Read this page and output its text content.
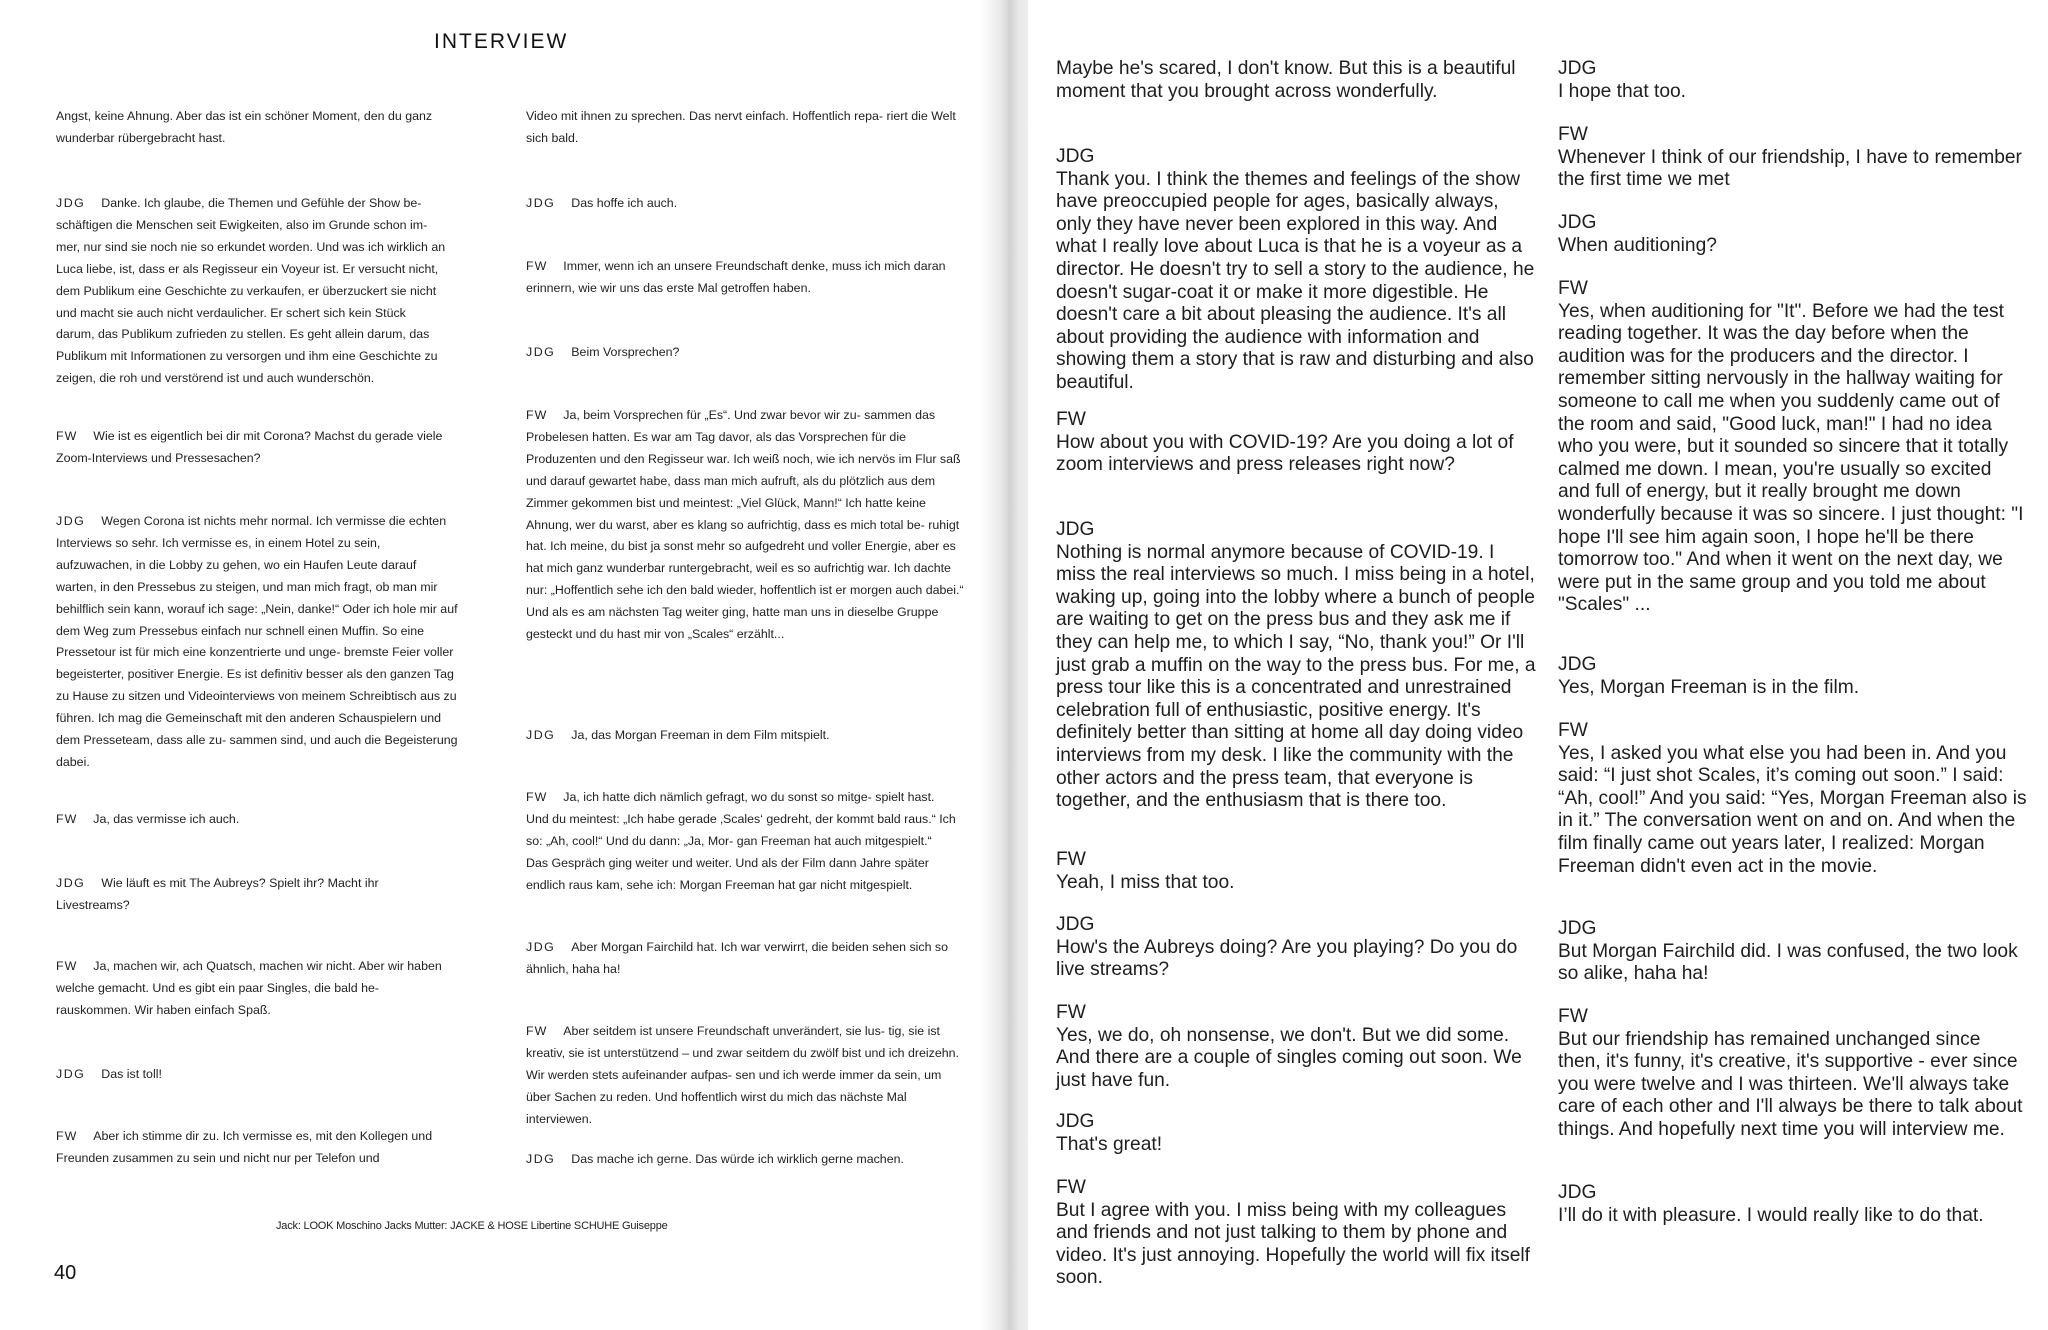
INTERVIEW
Angst, keine Ahnung. Aber das ist ein schöner Moment, den du ganz wunderbar rübergebracht hast.
JDG Danke. Ich glaube, die Themen und Gefühle der Show be- schäftigen die Menschen seit Ewigkeiten, also im Grunde schon im- mer, nur sind sie noch nie so erkundet worden. Und was ich wirklich an Luca liebe, ist, dass er als Regisseur ein Voyeur ist. Er versucht nicht, dem Publikum eine Geschichte zu verkaufen, er überzuckert sie nicht und macht sie auch nicht verdaulicher. Er schert sich kein Stück darum, das Publikum zufrieden zu stellen. Es geht allein darum, das Publikum mit Informationen zu versorgen und ihm eine Geschichte zu zeigen, die roh und verstörend ist und auch wunderschön.
FW Wie ist es eigentlich bei dir mit Corona? Machst du gerade viele Zoom-Interviews und Pressesachen?
JDG Wegen Corona ist nichts mehr normal. Ich vermisse die echten Interviews so sehr. Ich vermisse es, in einem Hotel zu sein, aufzuwachen, in die Lobby zu gehen, wo ein Haufen Leute darauf warten, in den Pressebus zu steigen, und man mich fragt, ob man mir behilflich sein kann, worauf ich sage: „Nein, danke!“ Oder ich hole mir auf dem Weg zum Pressebus einfach nur schnell einen Muffin. So eine Pressetour ist für mich eine konzentrierte und unge- bremste Feier voller begeisterter, positiver Energie. Es ist definitiv besser als den ganzen Tag zu Hause zu sitzen und Videointerviews von meinem Schreibtisch aus zu führen. Ich mag die Gemeinschaft mit den anderen Schauspielern und dem Presseteam, dass alle zu- sammen sind, und auch die Begeisterung dabei.
FW Ja, das vermisse ich auch.
JDG Wie läuft es mit The Aubreys? Spielt ihr? Macht ihr Livestreams?
FW Ja, machen wir, ach Quatsch, machen wir nicht. Aber wir haben welche gemacht. Und es gibt ein paar Singles, die bald he- rauskommen. Wir haben einfach Spaß.
JDG Das ist toll!
FW Aber ich stimme dir zu. Ich vermisse es, mit den Kollegen und Freunden zusammen zu sein und nicht nur per Telefon und
Video mit ihnen zu sprechen. Das nervt einfach. Hoffentlich repa- riert die Welt sich bald.
JDG Das hoffe ich auch.
FW Immer, wenn ich an unsere Freundschaft denke, muss ich mich daran erinnern, wie wir uns das erste Mal getroffen haben.
JDG Beim Vorsprechen?
FW Ja, beim Vorsprechen für „Es“. Und zwar bevor wir zu- sammen das Probelesen hatten. Es war am Tag davor, als das Vorsprechen für die Produzenten und den Regisseur war. Ich weiß noch, wie ich nervös im Flur saß und darauf gewartet habe, dass man mich aufruft, als du plötzlich aus dem Zimmer gekommen bist und meintest: „Viel Glück, Mann!“ Ich hatte keine Ahnung, wer du warst, aber es klang so aufrichtig, dass es mich total be- ruhigt hat. Ich meine, du bist ja sonst mehr so aufgedreht und voller Energie, aber es hat mich ganz wunderbar runtergebracht, weil es so aufrichtig war. Ich dachte nur: „Hoffentlich sehe ich den bald wieder, hoffentlich ist er morgen auch dabei.“ Und als es am nächsten Tag weiter ging, hatte man uns in dieselbe Gruppe gesteckt und du hast mir von „Scales“ erzählt...
JDG Ja, das Morgan Freeman in dem Film mitspielt.
FW Ja, ich hatte dich nämlich gefragt, wo du sonst so mitge- spielt hast. Und du meintest: „Ich habe gerade ‚Scales‘ gedreht, der kommt bald raus.“ Ich so: „Ah, cool!“ Und du dann: „Ja, Mor- gan Freeman hat auch mitgespielt.“ Das Gespräch ging weiter und weiter. Und als der Film dann Jahre später endlich raus kam, sehe ich: Morgan Freeman hat gar nicht mitgespielt.
JDG Aber Morgan Fairchild hat. Ich war verwirrt, die beiden sehen sich so ähnlich, haha ha!
FW Aber seitdem ist unsere Freundschaft unverändert, sie lus- tig, sie ist kreativ, sie ist unterstützend – und zwar seitdem du zwölf bist und ich dreizehn. Wir werden stets aufeinander aufpas- sen und ich werde immer da sein, um über Sachen zu reden. Und hoffentlich wirst du mich das nächste Mal interviewen.
JDG Das mache ich gerne. Das würde ich wirklich gerne machen.
Jack: LOOK Moschino Jacks Mutter: JACKE & HOSE Libertine SCHUHE Guiseppe
40
Maybe he's scared, I don't know. But this is a beautiful moment that you brought across wonderfully.
JDG
Thank you. I think the themes and feelings of the show have preoccupied people for ages, basically always, only they have never been explored in this way. And what I really love about Luca is that he is a voyeur as a director. He doesn't try to sell a story to the audience, he doesn't sugar-coat it or make it more digestible. He doesn't care a bit about pleasing the audience. It's all about providing the audience with information and showing them a story that is raw and disturbing and also beautiful.
FW
How about you with COVID-19? Are you doing a lot of zoom interviews and press releases right now?
JDG
Nothing is normal anymore because of COVID-19. I miss the real interviews so much. I miss being in a hotel, waking up, going into the lobby where a bunch of people are waiting to get on the press bus and they ask me if they can help me, to which I say, “No, thank you!” Or I'll just grab a muffin on the way to the press bus. For me, a press tour like this is a concentrated and unrestrained celebration full of enthusiastic, positive energy. It's definitely better than sitting at home all day doing video interviews from my desk. I like the community with the other actors and the press team, that everyone is together, and the enthusiasm that is there too.
FW
Yeah, I miss that too.
JDG
How's the Aubreys doing? Are you playing? Do you do live streams?
FW
Yes, we do, oh nonsense, we don't. But we did some. And there are a couple of singles coming out soon. We just have fun.
JDG
That's great!
FW
But I agree with you. I miss being with my colleagues and friends and not just talking to them by phone and video. It's just annoying. Hopefully the world will fix itself soon.
JDG
I hope that too.
FW
Whenever I think of our friendship, I have to remember the first time we met
JDG
When auditioning?
FW
Yes, when auditioning for "It". Before we had the test reading together. It was the day before when the audition was for the producers and the director. I remember sitting nervously in the hallway waiting for someone to call me when you suddenly came out of the room and said, "Good luck, man!" I had no idea who you were, but it sounded so sincere that it totally calmed me down. I mean, you're usually so excited and full of energy, but it really brought me down wonderfully because it was so sincere. I just thought: "I hope I'll see him again soon, I hope he'll be there tomorrow too." And when it went on the next day, we were put in the same group and you told me about "Scales" ...
JDG
Yes, Morgan Freeman is in the film.
FW
Yes, I asked you what else you had been in. And you said: “I just shot Scales, it’s coming out soon.” I said: “Ah, cool!” And you said: “Yes, Morgan Freeman also is in it.” The conversation went on and on. And when the film finally came out years later, I realized: Morgan Freeman didn't even act in the movie.
JDG
But Morgan Fairchild did. I was confused, the two look so alike, haha ha!
FW
But our friendship has remained unchanged since then, it's funny, it's creative, it's supportive - ever since you were twelve and I was thirteen. We'll always take care of each other and I'll always be there to talk about things. And hopefully next time you will interview me.
JDG
I’ll do it with pleasure. I would really like to do that.
